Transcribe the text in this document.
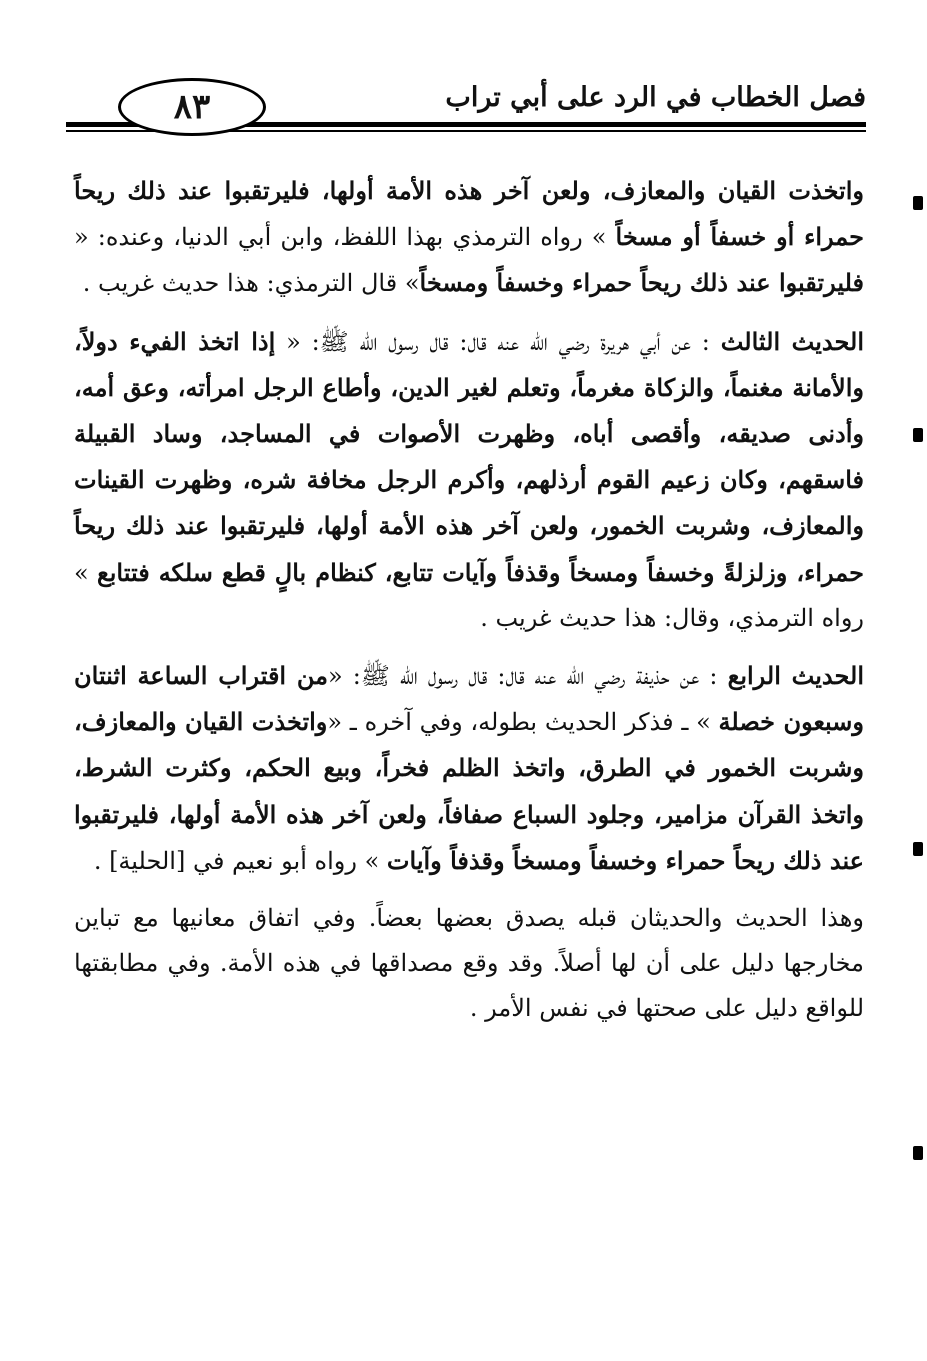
٨٣	فصل الخطاب في الرد على أبي تراب

واتخذت القيان والمعازف، ولعن آخر هذه الأمة أولها، فليرتقبوا عند ذلك ريحاً حمراء أو خسفاً أو مسخاً » رواه الترمذي بهذا اللفظ، وابن أبي الدنيا، وعنده: « فليرتقبوا عند ذلك ريحاً حمراء وخسفاً ومسخاً» قال الترمذي: هذا حديث غريب .

الحديث الثالث : عن أبي هريرة رضي الله عنه قال: قال رسول الله ﷺ: « إذا اتخذ الفيء دولاً، والأمانة مغنماً، والزكاة مغرماً، وتعلم لغير الدين، وأطاع الرجل امرأته، وعق أمه، وأدنى صديقه، وأقصى أباه، وظهرت الأصوات في المساجد، وساد القبيلة فاسقهم، وكان زعيم القوم أرذلهم، وأكرم الرجل مخافة شره، وظهرت القينات والمعازف، وشربت الخمور، ولعن آخر هذه الأمة أولها، فليرتقبوا عند ذلك ريحاً حمراء، وزلزلةً وخسفاً ومسخاً وقذفاً وآيات تتابع، كنظام بالٍ قطع سلكه فتتابع » رواه الترمذي، وقال: هذا حديث غريب .

الحديث الرابع : عن حذيفة رضي الله عنه قال: قال رسول الله ﷺ: «من اقتراب الساعة اثنتان وسبعون خصلة » ـ فذكر الحديث بطوله، وفي آخره ـ «واتخذت القيان والمعازف، وشربت الخمور في الطرق، واتخذ الظلم فخراً، وبيع الحكم، وكثرت الشرط، واتخذ القرآن مزامير، وجلود السباع صفافاً، ولعن آخر هذه الأمة أولها، فليرتقبوا عند ذلك ريحاً حمراء وخسفاً ومسخاً وقذفاً وآيات » رواه أبو نعيم في [الحلية] .

وهذا الحديث والحديثان قبله يصدق بعضها بعضاً. وفي اتفاق معانيها مع تباين مخارجها دليل على أن لها أصلاً. وقد وقع مصداقها في هذه الأمة. وفي مطابقتها للواقع دليل على صحتها في نفس الأمر .
